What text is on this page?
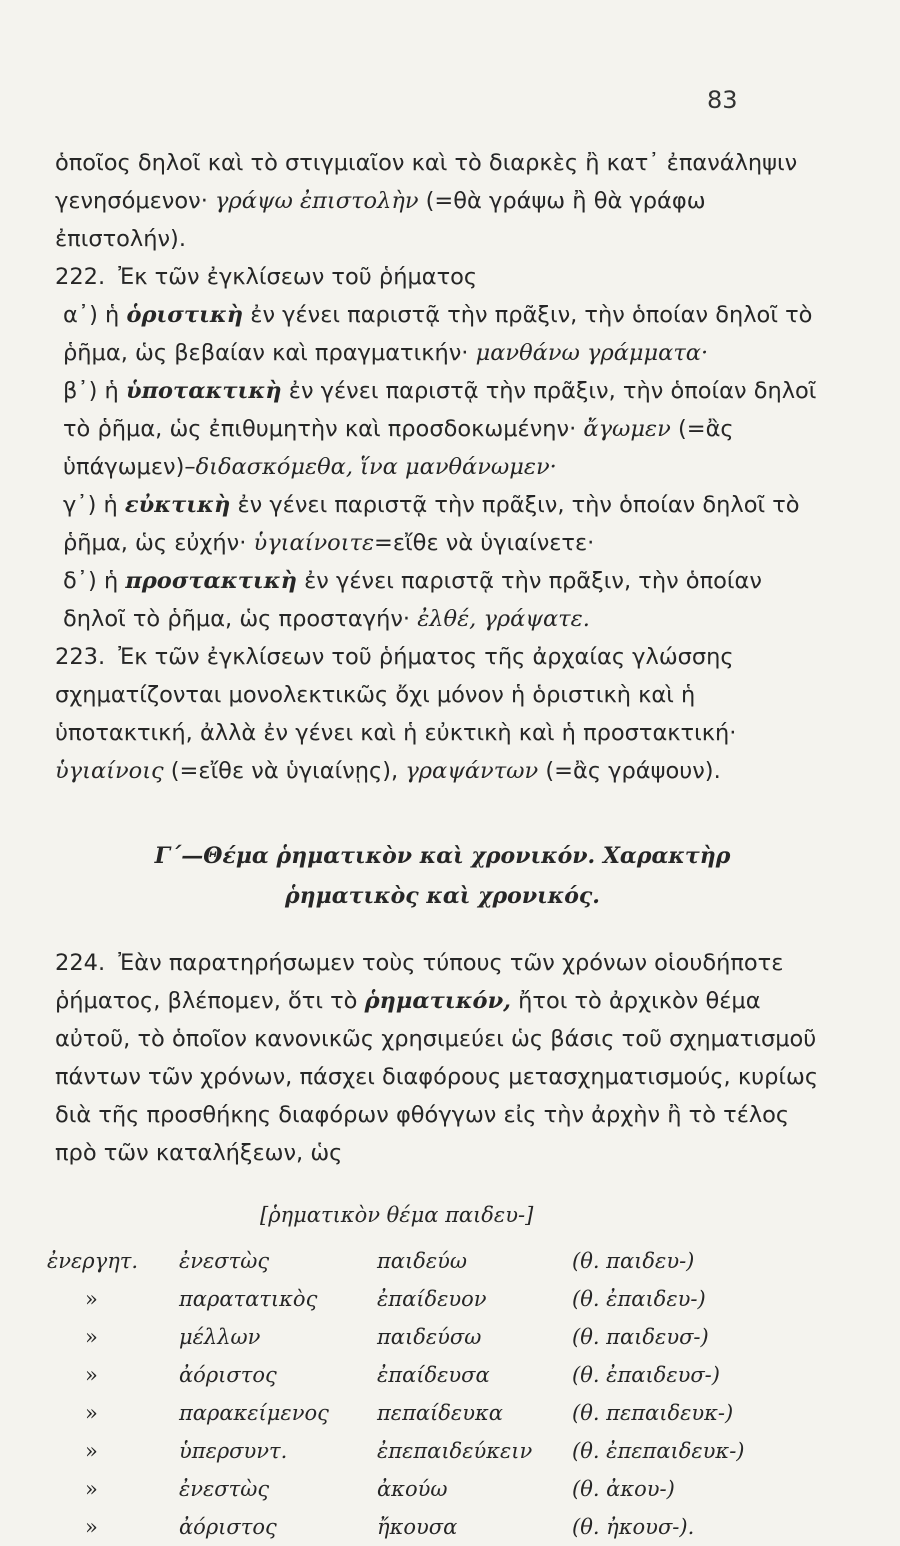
83

ὁποῖος δηλοῖ καὶ τὸ στιγμιαῖον καὶ τὸ διαρκὲς ἢ κατ᾽ ἐπανάληψιν γενησόμενον· γράψω ἐπιστολὴν (=θὰ γράψω ἢ θὰ γράφω ἐπιστολήν).

222. Ἐκ τῶν ἐγκλίσεων τοῦ ῥήματος

α᾽) ἡ ὁριστικὴ ἐν γένει παριστᾷ τὴν πρᾶξιν, τὴν ὁποίαν δηλοῖ τὸ ῥῆμα, ὡς βεβαίαν καὶ πραγματικήν· μανθάνω γράμματα·

β᾽) ἡ ὑποτακτικὴ ἐν γένει παριστᾷ τὴν πρᾶξιν, τὴν ὁποίαν δηλοῖ τὸ ῥῆμα, ὡς ἐπιθυμητὴν καὶ προσδοκωμένην· ἄγωμεν (=ἂς ὑπάγωμεν)–διδασκόμεθα, ἵνα μανθάνωμεν·

γ᾽) ἡ εὐκτικὴ ἐν γένει παριστᾷ τὴν πρᾶξιν, τὴν ὁποίαν δηλοῖ τὸ ῥῆμα, ὡς εὐχήν· ὑγιαίνοιτε=εἴθε νὰ ὑγιαίνετε·

δ᾽) ἡ προστακτικὴ ἐν γένει παριστᾷ τὴν πρᾶξιν, τὴν ὁποίαν δηλοῖ τὸ ῥῆμα, ὡς προσταγήν· ἐλθέ, γράψατε.

223. Ἐκ τῶν ἐγκλίσεων τοῦ ῥήματος τῆς ἀρχαίας γλώσσης σχηματίζονται μονολεκτικῶς ὄχι μόνον ἡ ὁριστικὴ καὶ ἡ ὑποτακτική, ἀλλὰ ἐν γένει καὶ ἡ εὐκτικὴ καὶ ἡ προστακτική· ὑγιαίνοις (=εἴθε νὰ ὑγιαίνῃς), γραψάντων (=ἂς γράψουν).

Γ΄—Θέμα ῥηματικὸν καὶ χρονικόν. Χαρακτὴρ
ῥηματικὸς καὶ χρονικός.

224. Ἐὰν παρατηρήσωμεν τοὺς τύπους τῶν χρόνων οἱουδήποτε ῥήματος, βλέπομεν, ὅτι τὸ ῥηματικόν, ἤτοι τὸ ἀρχικὸν θέμα αὐτοῦ, τὸ ὁποῖον κανονικῶς χρησιμεύει ὡς βάσις τοῦ σχηματισμοῦ πάντων τῶν χρόνων, πάσχει διαφόρους μετασχηματισμούς, κυρίως διὰ τῆς προσθήκης διαφόρων φθόγγων εἰς τὴν ἀρχὴν ἢ τὸ τέλος πρὸ τῶν καταλήξεων, ὡς

[ῥηματικὸν θέμα παιδευ-]
ἐνεργητ.	ἐνεστὼς	παιδεύω	(θ. παιδευ-)
»	παρατατικὸς	ἐπαίδευον	(θ. ἐπαιδευ-)
»	μέλλων	παιδεύσω	(θ. παιδευσ-)
»	ἀόριστος	ἐπαίδευσα	(θ. ἐπαιδευσ-)
»	παρακείμενος	πεπαίδευκα	(θ. πεπαιδευκ-)
»	ὑπερσυντ.	ἐπεπαιδεύκειν	(θ. ἐπεπαιδευκ-)
»	ἐνεστὼς	ἀκούω	(θ. ἀκου-)
»	ἀόριστος	ἤκουσα	(θ. ἠκουσ-).
